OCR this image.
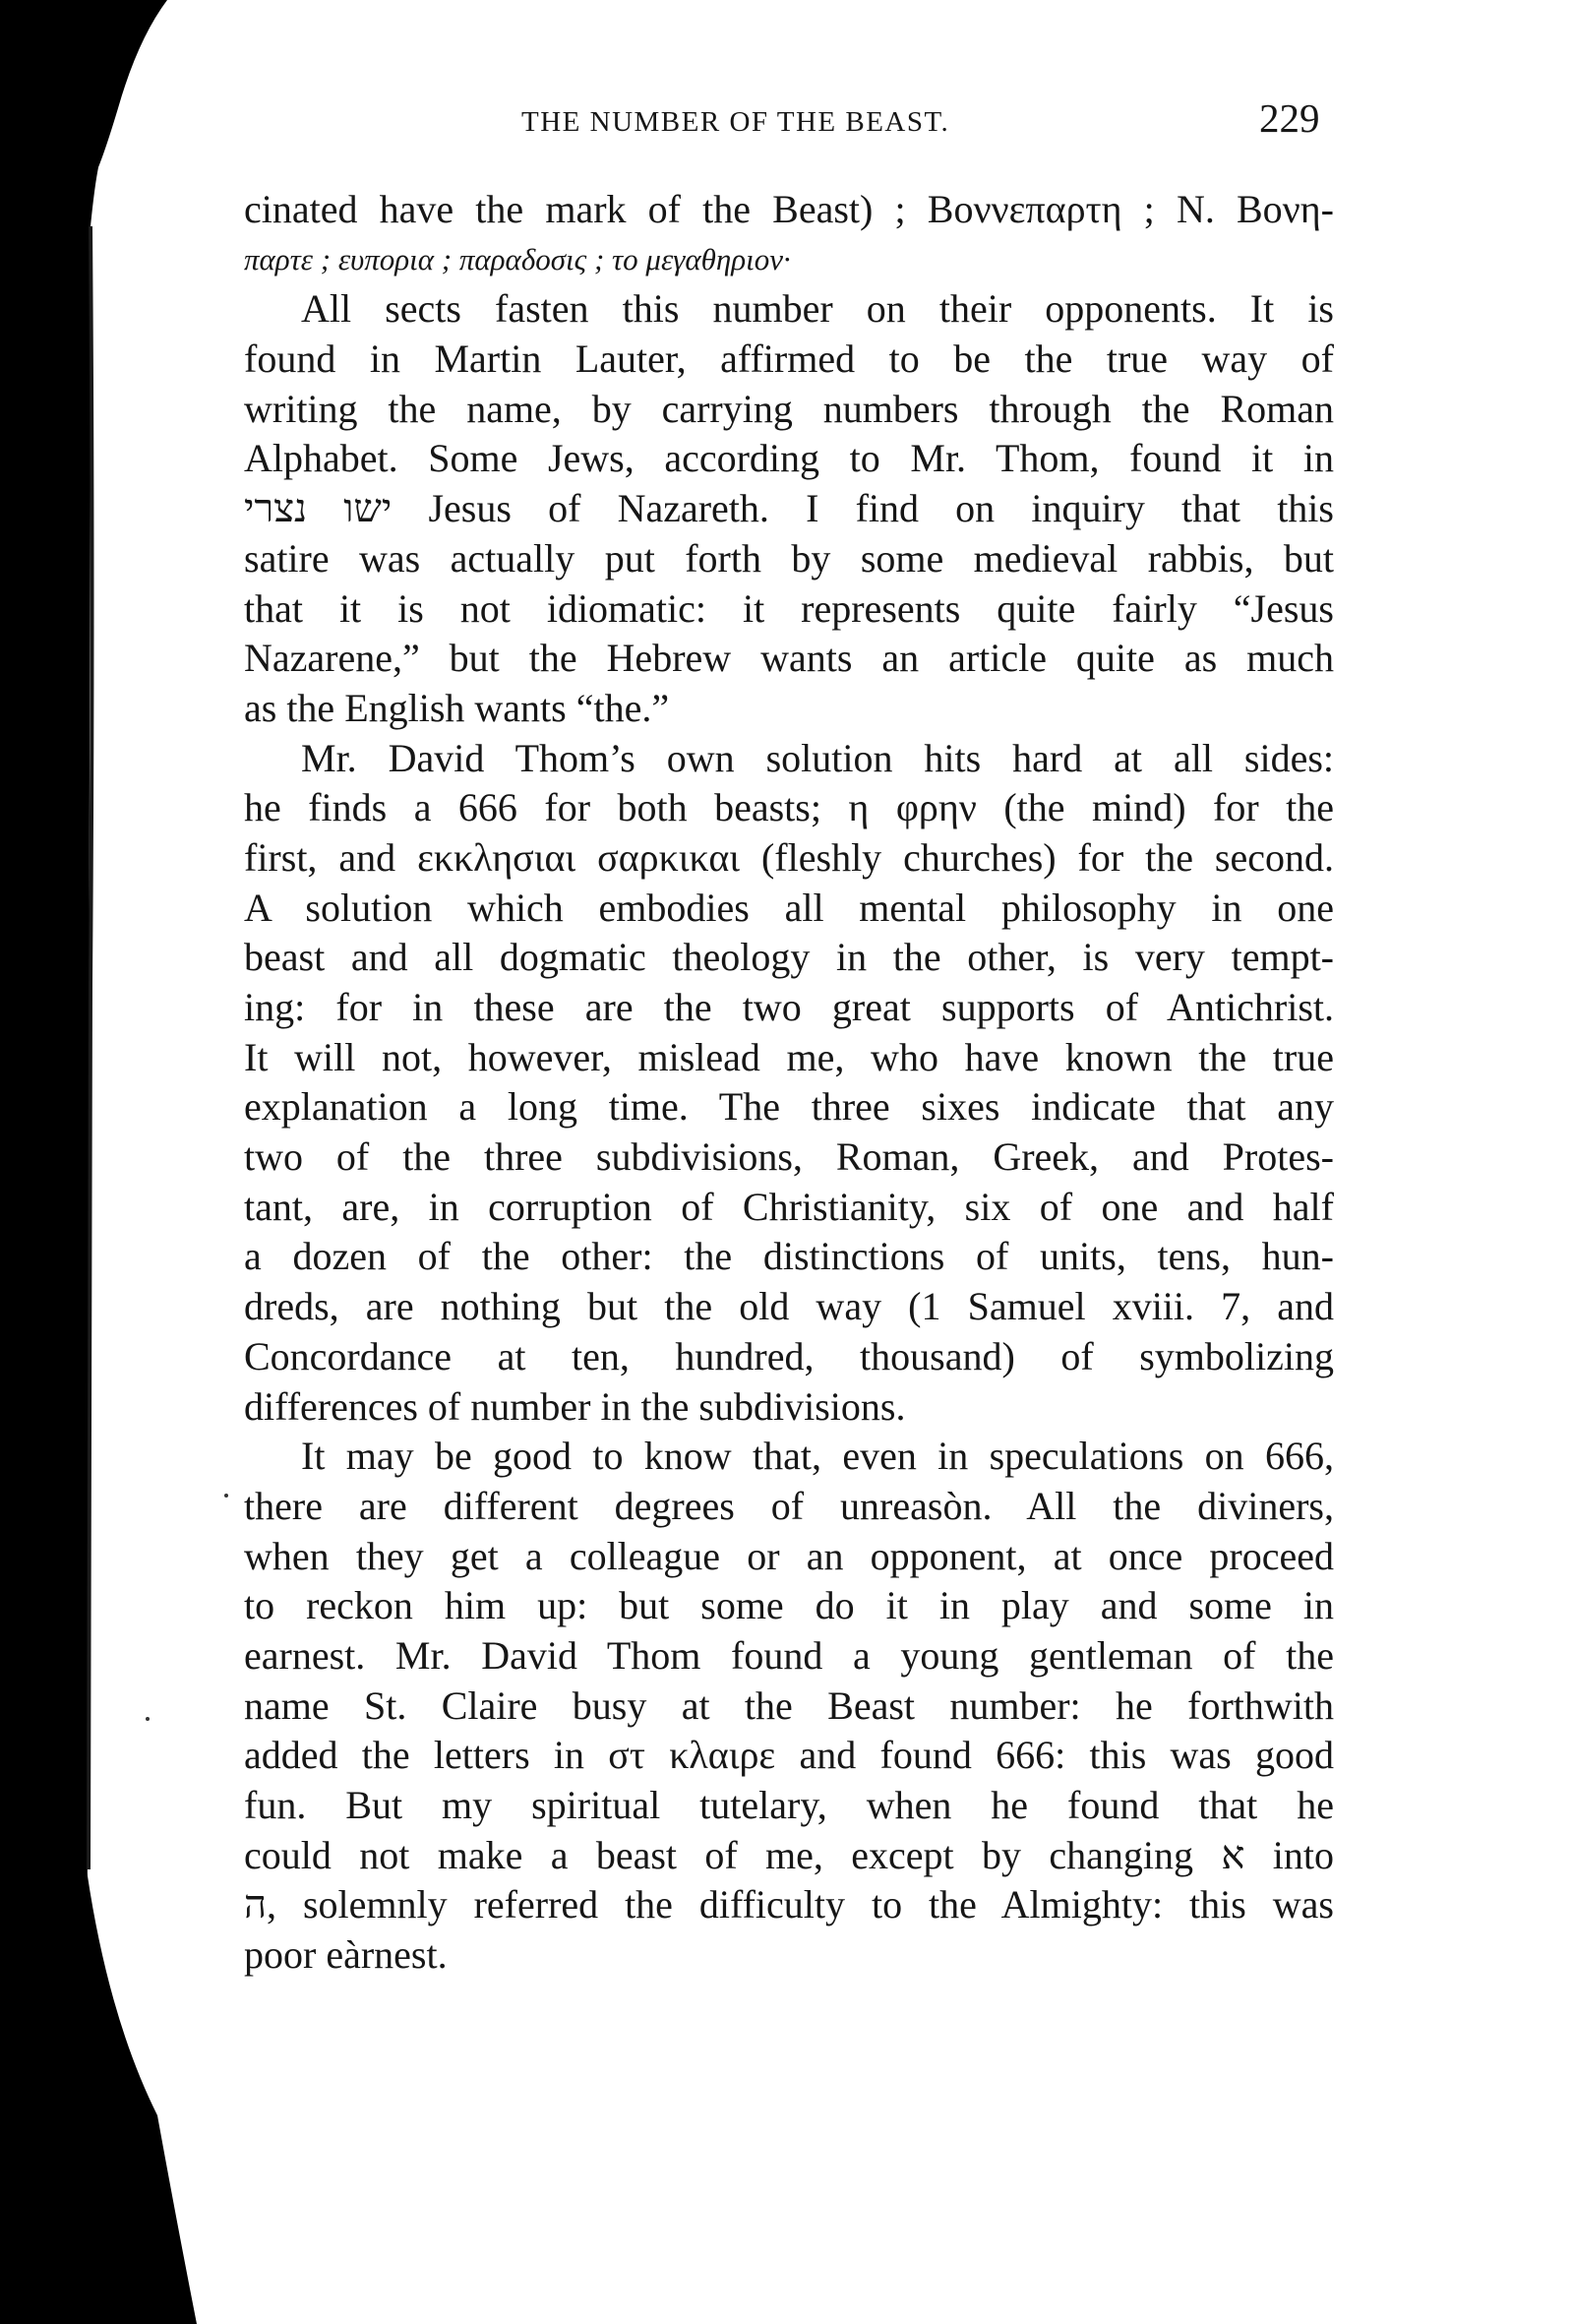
THE NUMBER OF THE BEAST.	229
cinated have the mark of the Beast) ; Βοννεπαρτη ; N. Βονη-
παρτε ; ευπορια ; παραδοσις ; το μεγαθηριον·
All sects fasten this number on their opponents. It is
found in Martin Lauter, affirmed to be the true way of
writing the name, by carrying numbers through the Roman
Alphabet. Some Jews, according to Mr. Thom, found it in
ישו נצרי Jesus of Nazareth. I find on inquiry that this
satire was actually put forth by some medieval rabbis, but
that it is not idiomatic: it represents quite fairly “Jesus
Nazarene,” but the Hebrew wants an article quite as much
as the English wants “the.”
Mr. David Thom’s own solution hits hard at all sides:
he finds a 666 for both beasts; η φρην (the mind) for the
first, and εκκλησιαι σαρκικαι (fleshly churches) for the second.
A solution which embodies all mental philosophy in one
beast and all dogmatic theology in the other, is very tempt-
ing: for in these are the two great supports of Antichrist.
It will not, however, mislead me, who have known the true
explanation a long time. The three sixes indicate that any
two of the three subdivisions, Roman, Greek, and Protes-
tant, are, in corruption of Christianity, six of one and half
a dozen of the other: the distinctions of units, tens, hun-
dreds, are nothing but the old way (1 Samuel xviii. 7, and
Concordance at ten, hundred, thousand) of symbolizing
differences of number in the subdivisions.
It may be good to know that, even in speculations on 666,
there are different degrees of unreasòn. All the diviners,
when they get a colleague or an opponent, at once proceed
to reckon him up: but some do it in play and some in
earnest. Mr. David Thom found a young gentleman of the
name St. Claire busy at the Beast number: he forthwith
added the letters in στ κλαιρε and found 666: this was good
fun. But my spiritual tutelary, when he found that he
could not make a beast of me, except by changing א into
ה, solemnly referred the difficulty to the Almighty: this was
poor eàrnest.
